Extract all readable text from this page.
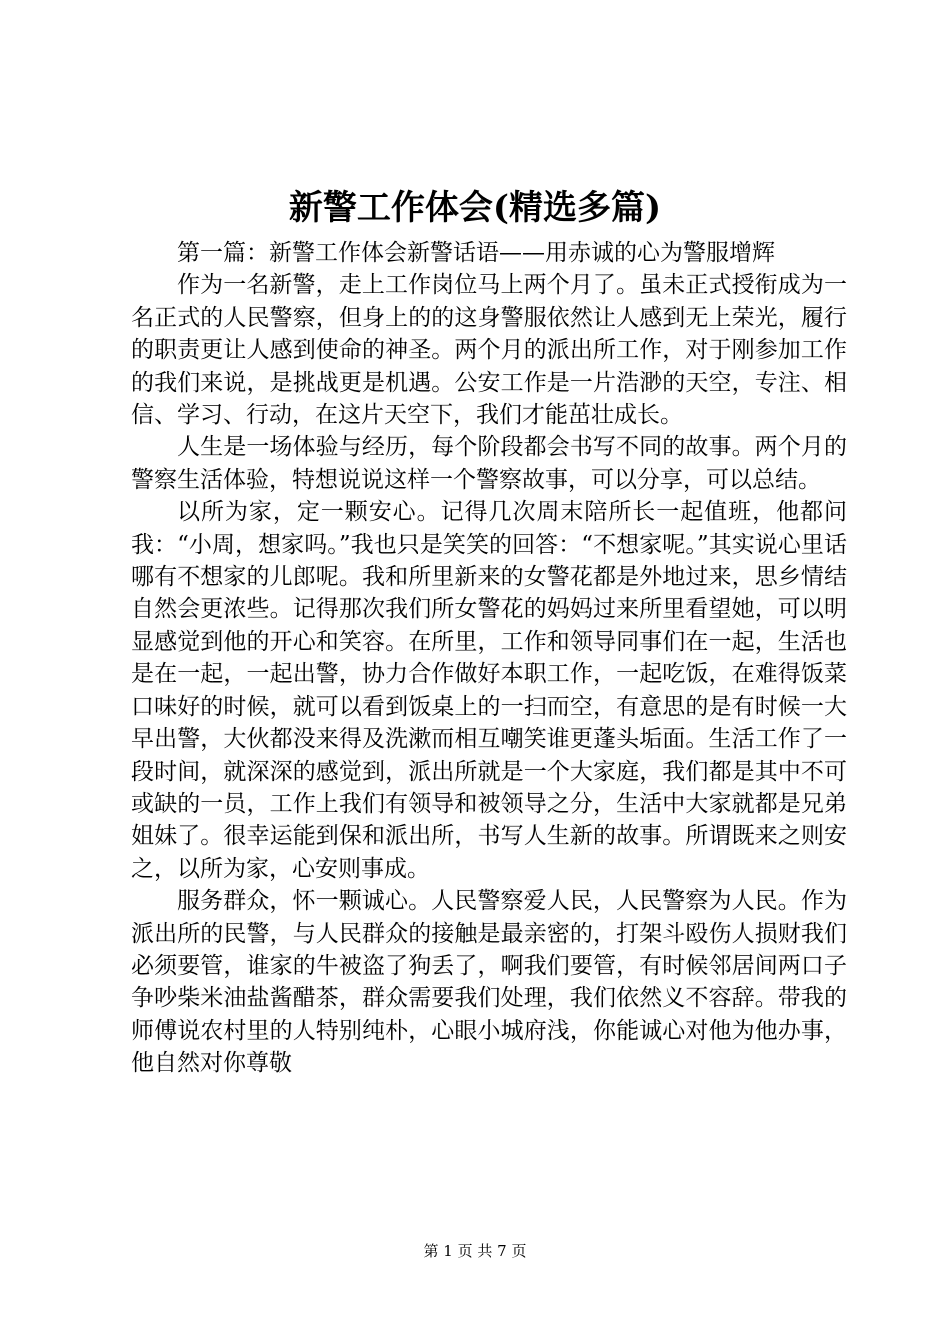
新警工作体会(精选多篇)

第一篇：新警工作体会新警话语——用赤诚的心为警服增辉

作为一名新警，走上工作岗位马上两个月了。虽未正式授衔成为一名正式的人民警察，但身上的的这身警服依然让人感到无上荣光，履行的职责更让人感到使命的神圣。两个月的派出所工作，对于刚参加工作的我们来说，是挑战更是机遇。公安工作是一片浩渺的天空，专注、相信、学习、行动，在这片天空下，我们才能茁壮成长。

人生是一场体验与经历，每个阶段都会书写不同的故事。两个月的警察生活体验，特想说说这样一个警察故事，可以分享，可以总结。

以所为家，定一颗安心。记得几次周末陪所长一起值班，他都问我：“小周，想家吗。”我也只是笑笑的回答：“不想家呢。”其实说心里话哪有不想家的儿郎呢。我和所里新来的女警花都是外地过来，思乡情结自然会更浓些。记得那次我们所女警花的妈妈过来所里看望她，可以明显感觉到他的开心和笑容。在所里，工作和领导同事们在一起，生活也是在一起，一起出警，协力合作做好本职工作，一起吃饭，在难得饭菜口味好的时候，就可以看到饭桌上的一扫而空，有意思的是有时候一大早出警，大伙都没来得及洗漱而相互嘲笑谁更蓬头垢面。生活工作了一段时间，就深深的感觉到，派出所就是一个大家庭，我们都是其中不可或缺的一员，工作上我们有领导和被领导之分，生活中大家就都是兄弟姐妹了。很幸运能到保和派出所，书写人生新的故事。所谓既来之则安之，以所为家，心安则事成。

服务群众，怀一颗诚心。人民警察爱人民，人民警察为人民。作为派出所的民警，与人民群众的接触是最亲密的，打架斗殴伤人损财我们必须要管，谁家的牛被盗了狗丢了，啊我们要管，有时候邻居间两口子争吵柴米油盐酱醋茶，群众需要我们处理，我们依然义不容辞。带我的师傅说农村里的人特别纯朴，心眼小城府浅，你能诚心对他为他办事，他自然对你尊敬

第 1 页 共 7 页
